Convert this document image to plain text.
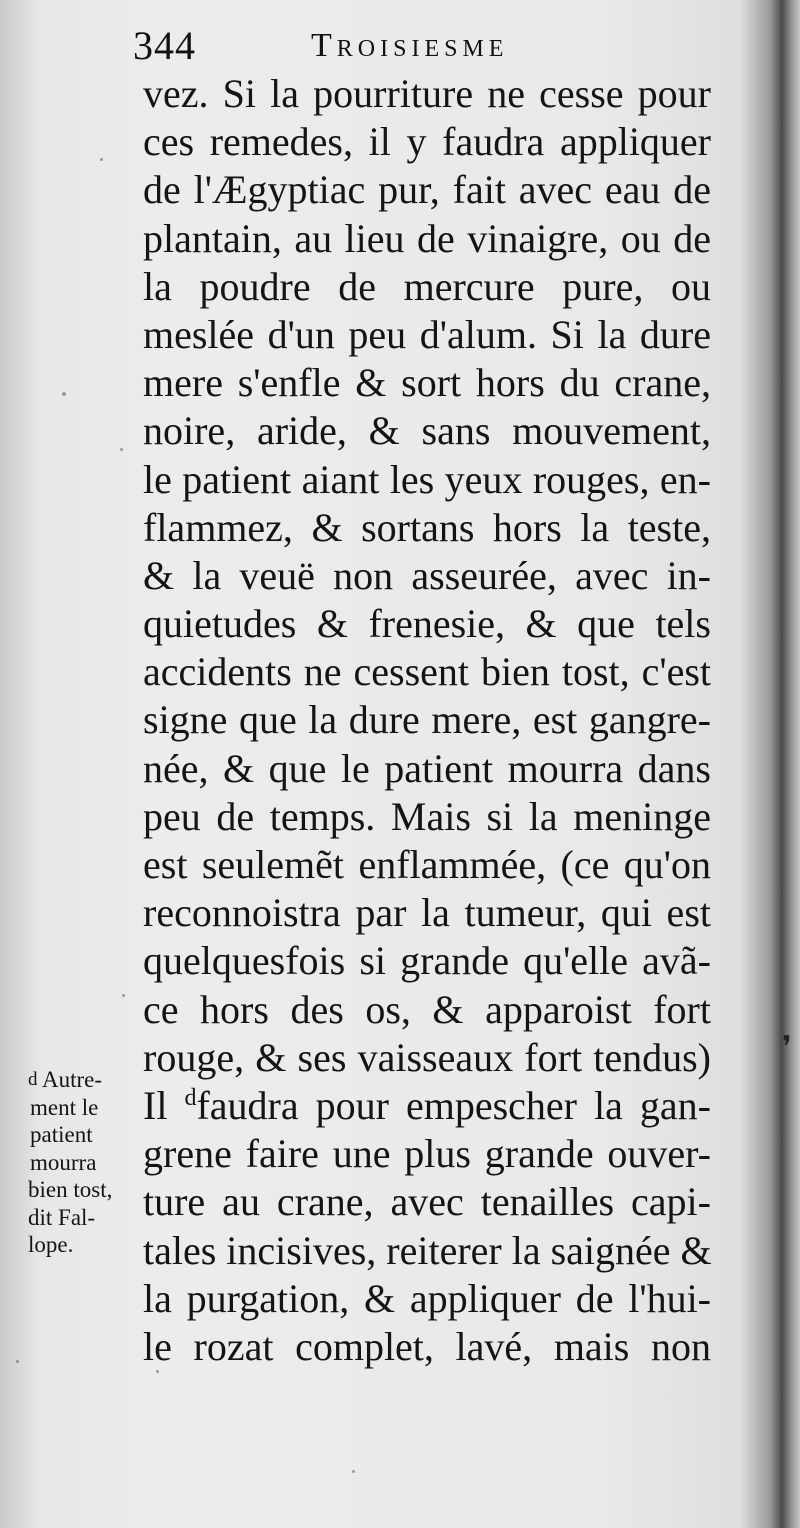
❜
344	Troisiesme
vez. Si la pourriture ne cesse pour
ces remedes, il y faudra appliquer
de l'Ægyptiac pur, fait avec eau de
plantain, au lieu de vinaigre, ou de
la poudre de mercure pure, ou
meslée d'un peu d'alum. Si la dure
mere s'enfle & sort hors du crane,
noire, aride, & sans mouvement,
le patient aiant les yeux rouges, en-
flammez, & sortans hors la teste,
& la veuë non asseurée, avec in-
quietudes & frenesie, & que tels
accidents ne cessent bien tost, c'est
signe que la dure mere, est gangre-
née, & que le patient mourra dans
peu de temps. Mais si la meninge
est seulemẽt enflammée, (ce qu'on
reconnoistra par la tumeur, qui est
quelquesfois si grande qu'elle avã-
ce hors des os, & apparoist fort
rouge, & ses vaisseaux fort tendus)
Il $^d$faudra pour empescher la gan-
grene faire une plus grande ouver-
ture au crane, avec tenailles capi-
tales incisives, reiterer la saignée &
la purgation, & appliquer de l'hui-
le rozat complet, lavé, mais non
d Autre-
ment le
patient
mourra
bien tost,
dit Fal-
lope.
